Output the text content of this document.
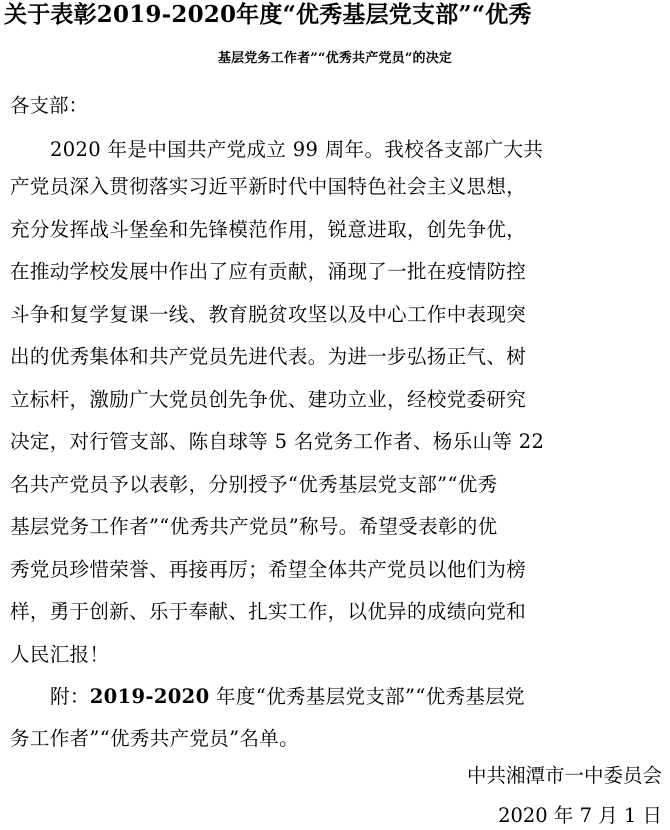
关于表彰2019-2020年度“优秀基层党支部”“优秀
基层党务工作者”“优秀共产党员”的决定
各支部：
2020 年是中国共产党成立 99 周年。我校各支部广大共
产党员深入贯彻落实习近平新时代中国特色社会主义思想，
充分发挥战斗堡垒和先锋模范作用，锐意进取，创先争优，
在推动学校发展中作出了应有贡献，涌现了一批在疫情防控
斗争和复学复课一线、教育脱贫攻坚以及中心工作中表现突
出的优秀集体和共产党员先进代表。为进一步弘扬正气、树
立标杆，激励广大党员创先争优、建功立业，经校党委研究
决定，对行管支部、陈自球等 5 名党务工作者、杨乐山等 22
名共产党员予以表彰，分别授予“优秀基层党支部”“优秀
基层党务工作者”“优秀共产党员”称号。希望受表彰的优
秀党员珍惜荣誉、再接再厉；希望全体共产党员以他们为榜
样，勇于创新、乐于奉献、扎实工作，以优异的成绩向党和
人民汇报！
附：2019-2020 年度“优秀基层党支部”“优秀基层党
务工作者”“优秀共产党员”名单。
中共湘潭市一中委员会
2020 年 7 月 1 日
